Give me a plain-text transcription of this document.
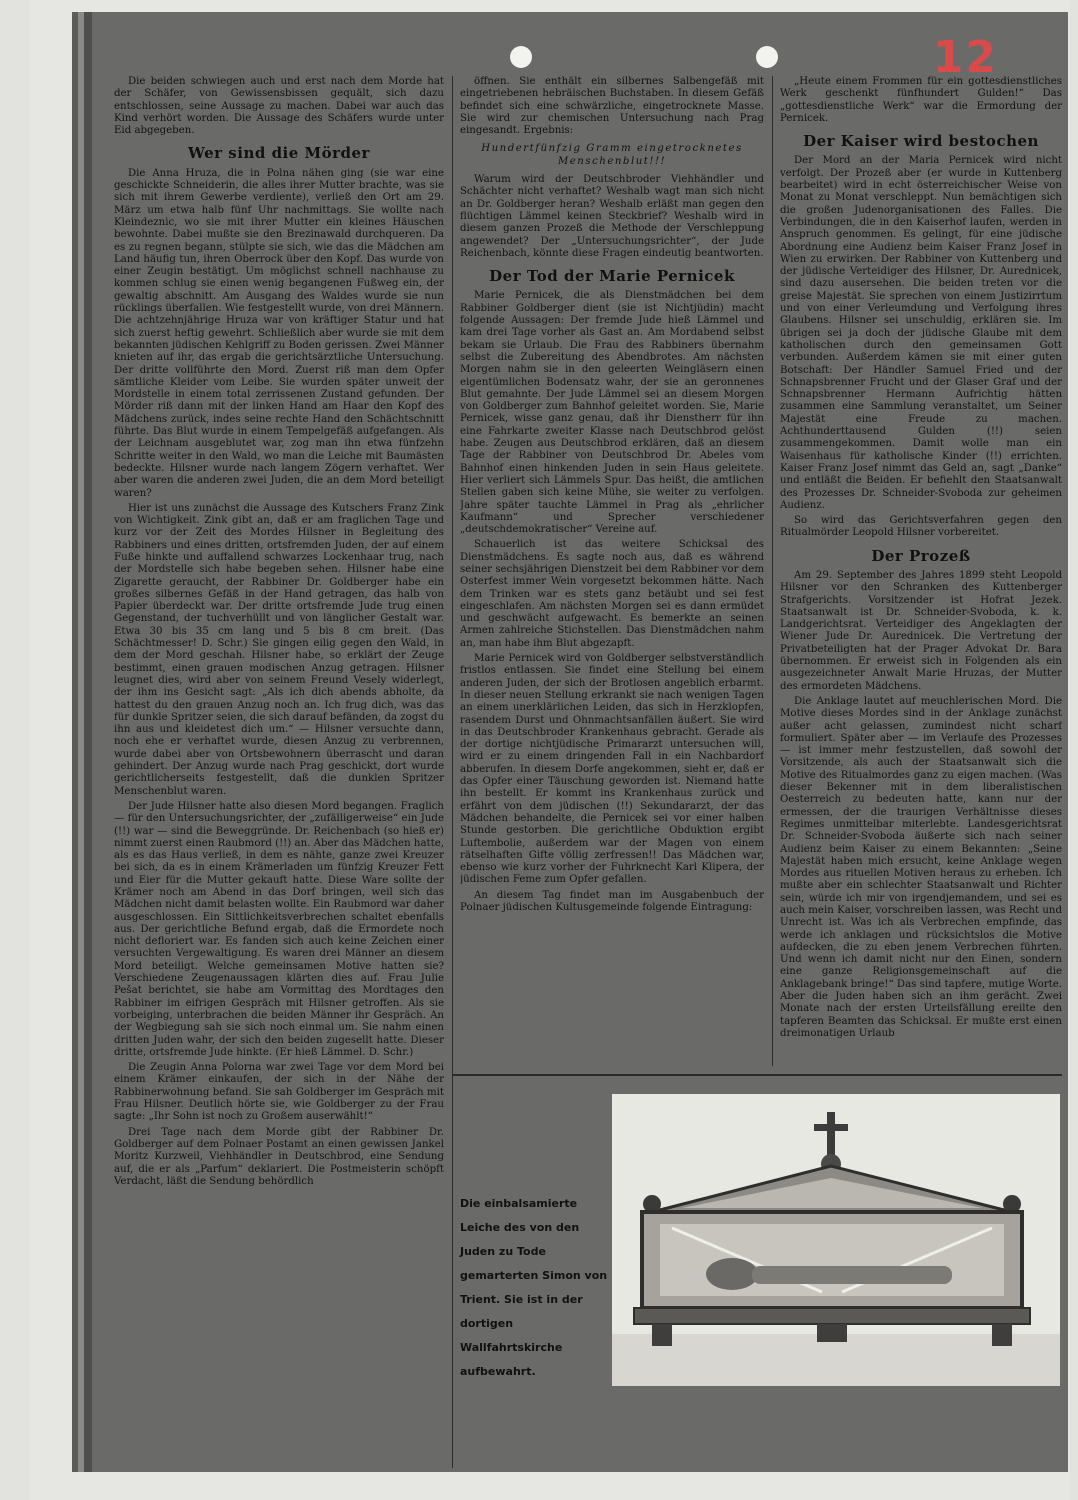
12

Die beiden schwiegen auch und erst nach dem Morde hat der Schäfer, von Gewissensbissen gequält, sich dazu entschlossen, seine Aussage zu machen. Dabei war auch das Kind verhört worden. Die Aussage des Schäfers wurde unter Eid abgegeben.

Wer sind die Mörder

Die Anna Hruza, die in Polna nähen ging (sie war eine geschickte Schneiderin, die alles ihrer Mutter brachte, was sie sich mit ihrem Gewerbe verdiente), verließ den Ort am 29. März um etwa halb fünf Uhr nachmittags. Sie wollte nach Kleindeznic, wo sie mit ihrer Mutter ein kleines Häuschen bewohnte. Dabei mußte sie den Brezinawald durchqueren. Da es zu regnen begann, stülpte sie sich, wie das die Mädchen am Land häufig tun, ihren Oberrock über den Kopf. Das wurde von einer Zeugin bestätigt. Um möglichst schnell nachhause zu kommen schlug sie einen wenig begangenen Fußweg ein, der gewaltig abschnitt. Am Ausgang des Waldes wurde sie nun rücklings überfallen. Wie festgestellt wurde, von drei Männern. Die achtzehnjährige Hruza war von kräftiger Statur und hat sich zuerst heftig gewehrt. Schließlich aber wurde sie mit dem bekannten jüdischen Kehlgriff zu Boden gerissen. Zwei Männer knieten auf ihr, das ergab die gerichtsärztliche Untersuchung. Der dritte vollführte den Mord. Zuerst riß man dem Opfer sämtliche Kleider vom Leibe. Sie wurden später unweit der Mordstelle in einem total zerrissenen Zustand gefunden. Der Mörder riß dann mit der linken Hand am Haar den Kopf des Mädchens zurück, indes seine rechte Hand den Schächtschnitt führte. Das Blut wurde in einem Tempelgefäß aufgefangen. Als der Leichnam ausgeblutet war, zog man ihn etwa fünfzehn Schritte weiter in den Wald, wo man die Leiche mit Baumästen bedeckte. Hilsner wurde nach langem Zögern verhaftet. Wer aber waren die anderen zwei Juden, die an dem Mord beteiligt waren?

Hier ist uns zunächst die Aussage des Kutschers Franz Zink von Wichtigkeit. Zink gibt an, daß er am fraglichen Tage und kurz vor der Zeit des Mordes Hilsner in Begleitung des Rabbiners und eines dritten, ortsfremden Juden, der auf einem Fuße hinkte und auffallend schwarzes Lockenhaar trug, nach der Mordstelle sich habe begeben sehen. Hilsner habe eine Zigarette geraucht, der Rabbiner Dr. Goldberger habe ein großes silbernes Gefäß in der Hand getragen, das halb von Papier überdeckt war. Der dritte ortsfremde Jude trug einen Gegenstand, der tuchverhüllt und von länglicher Gestalt war. Etwa 30 bis 35 cm lang und 5 bis 8 cm breit. (Das Schächtmesser! D. Schr.) Sie gingen eilig gegen den Wald, in dem der Mord geschah. Hilsner habe, so erklärt der Zeuge bestimmt, einen grauen modischen Anzug getragen. Hilsner leugnet dies, wird aber von seinem Freund Vesely widerlegt, der ihm ins Gesicht sagt: „Als ich dich abends abholte, da hattest du den grauen Anzug noch an. Ich frug dich, was das für dunkle Spritzer seien, die sich darauf befänden, da zogst du ihn aus und kleidetest dich um.“ — Hilsner versuchte dann, noch ehe er verhaftet wurde, diesen Anzug zu verbrennen, wurde dabei aber von Ortsbewohnern überrascht und daran gehindert. Der Anzug wurde nach Prag geschickt, dort wurde gerichtlicherseits festgestellt, daß die dunklen Spritzer Menschenblut waren.

Der Jude Hilsner hatte also diesen Mord begangen. Fraglich — für den Untersuchungsrichter, der „zufälligerweise“ ein Jude (!!) war — sind die Beweggründe. Dr. Reichenbach (so hieß er) nimmt zuerst einen Raubmord (!!) an. Aber das Mädchen hatte, als es das Haus verließ, in dem es nähte, ganze zwei Kreuzer bei sich, da es in einem Krämerladen um fünfzig Kreuzer Fett und Eier für die Mutter gekauft hatte. Diese Ware sollte der Krämer noch am Abend in das Dorf bringen, weil sich das Mädchen nicht damit belasten wollte. Ein Raubmord war daher ausgeschlossen. Ein Sittlichkeitsverbrechen schaltet ebenfalls aus. Der gerichtliche Befund ergab, daß die Ermordete noch nicht defloriert war. Es fanden sich auch keine Zeichen einer versuchten Vergewaltigung. Es waren drei Männer an diesem Mord beteiligt. Welche gemeinsamen Motive hatten sie? Verschiedene Zeugenaussagen klärten dies auf. Frau Julie Pešat berichtet, sie habe am Vormittag des Mordtages den Rabbiner im eifrigen Gespräch mit Hilsner getroffen. Als sie vorbeiging, unterbrachen die beiden Männer ihr Gespräch. An der Wegbiegung sah sie sich noch einmal um. Sie nahm einen dritten Juden wahr, der sich den beiden zugesellt hatte. Dieser dritte, ortsfremde Jude hinkte. (Er hieß Lämmel. D. Schr.)

Die Zeugin Anna Polorna war zwei Tage vor dem Mord bei einem Krämer einkaufen, der sich in der Nähe der Rabbinerwohnung befand. Sie sah Goldberger im Gespräch mit Frau Hilsner. Deutlich hörte sie, wie Goldberger zu der Frau sagte: „Ihr Sohn ist noch zu Großem auserwählt!“

Drei Tage nach dem Morde gibt der Rabbiner Dr. Goldberger auf dem Polnaer Postamt an einen gewissen Jankel Moritz Kurzweil, Viehhändler in Deutschbrod, eine Sendung auf, die er als „Parfum“ deklariert. Die Postmeisterin schöpft Verdacht, läßt die Sendung behördlich

öffnen. Sie enthält ein silbernes Salbengefäß mit eingetriebenen hebräischen Buchstaben. In diesem Gefäß befindet sich eine schwärzliche, eingetrocknete Masse. Sie wird zur chemischen Untersuchung nach Prag eingesandt. Ergebnis:

Hundertfünfzig Gramm eingetrocknetes Menschenblut!!!

Warum wird der Deutschbroder Viehhändler und Schächter nicht verhaftet? Weshalb wagt man sich nicht an Dr. Goldberger heran? Weshalb erläßt man gegen den flüchtigen Lämmel keinen Steckbrief? Weshalb wird in diesem ganzen Prozeß die Methode der Verschleppung angewendet? Der „Untersuchungsrichter“, der Jude Reichenbach, könnte diese Fragen eindeutig beantworten.

Der Tod der Marie Pernicek

Marie Pernicek, die als Dienstmädchen bei dem Rabbiner Goldberger dient (sie ist Nichtjüdin) macht folgende Aussagen: Der fremde Jude hieß Lämmel und kam drei Tage vorher als Gast an. Am Mordabend selbst bekam sie Urlaub. Die Frau des Rabbiners übernahm selbst die Zubereitung des Abendbrotes. Am nächsten Morgen nahm sie in den geleerten Weingläsern einen eigentümlichen Bodensatz wahr, der sie an geronnenes Blut gemahnte. Der Jude Lämmel sei an diesem Morgen von Goldberger zum Bahnhof geleitet worden. Sie, Marie Pernicek, wisse ganz genau, daß ihr Dienstherr für ihn eine Fahrkarte zweiter Klasse nach Deutschbrod gelöst habe. Zeugen aus Deutschbrod erklären, daß an diesem Tage der Rabbiner von Deutschbrod Dr. Abeles vom Bahnhof einen hinkenden Juden in sein Haus geleitete. Hier verliert sich Lämmels Spur. Das heißt, die amtlichen Stellen gaben sich keine Mühe, sie weiter zu verfolgen. Jahre später tauchte Lämmel in Prag als „ehrlicher Kaufmann“ und Sprecher verschiedener „deutschdemokratischer“ Vereine auf.

Schauerlich ist das weitere Schicksal des Dienstmädchens. Es sagte noch aus, daß es während seiner sechsjährigen Dienstzeit bei dem Rabbiner vor dem Osterfest immer Wein vorgesetzt bekommen hätte. Nach dem Trinken war es stets ganz betäubt und sei fest eingeschlafen. Am nächsten Morgen sei es dann ermüdet und geschwächt aufgewacht. Es bemerkte an seinen Armen zahlreiche Stichstellen. Das Dienstmädchen nahm an, man habe ihm Blut abgezapft.

Marie Pernicek wird von Goldberger selbstverständlich fristlos entlassen. Sie findet eine Stellung bei einem anderen Juden, der sich der Brotlosen angeblich erbarmt. In dieser neuen Stellung erkrankt sie nach wenigen Tagen an einem unerklärlichen Leiden, das sich in Herzklopfen, rasendem Durst und Ohnmachtsanfällen äußert. Sie wird in das Deutschbroder Krankenhaus gebracht. Gerade als der dortige nichtjüdische Primararzt untersuchen will, wird er zu einem dringenden Fall in ein Nachbardorf abberufen. In diesem Dorfe angekommen, sieht er, daß er das Opfer einer Täuschung geworden ist. Niemand hatte ihn bestellt. Er kommt ins Krankenhaus zurück und erfährt von dem jüdischen (!!) Sekundararzt, der das Mädchen behandelte, die Pernicek sei vor einer halben Stunde gestorben. Die gerichtliche Obduktion ergibt Luftembolie, außerdem war der Magen von einem rätselhaften Gifte völlig zerfressen!! Das Mädchen war, ebenso wie kurz vorher der Fuhrknecht Karl Klipera, der jüdischen Feme zum Opfer gefallen.

An diesem Tag findet man im Ausgabenbuch der Polnaer jüdischen Kultusgemeinde folgende Eintragung:

„Heute einem Frommen für ein gottesdienstliches Werk geschenkt fünfhundert Gulden!“ Das „gottesdienstliche Werk“ war die Ermordung der Pernicek.

Der Kaiser wird bestochen

Der Mord an der Maria Pernicek wird nicht verfolgt. Der Prozeß aber (er wurde in Kuttenberg bearbeitet) wird in echt österreichischer Weise von Monat zu Monat verschleppt. Nun bemächtigen sich die großen Judenorganisationen des Falles. Die Verbindungen, die in den Kaiserhof laufen, werden in Anspruch genommen. Es gelingt, für eine jüdische Abordnung eine Audienz beim Kaiser Franz Josef in Wien zu erwirken. Der Rabbiner von Kuttenberg und der jüdische Verteidiger des Hilsner, Dr. Aurednicek, sind dazu ausersehen. Die beiden treten vor die greise Majestät. Sie sprechen von einem Justizirrtum und von einer Verleumdung und Verfolgung ihres Glaubens. Hilsner sei unschuldig, erklären sie. Im übrigen sei ja doch der jüdische Glaube mit dem katholischen durch den gemeinsamen Gott verbunden. Außerdem kämen sie mit einer guten Botschaft: Der Händler Samuel Fried und der Schnapsbrenner Frucht und der Glaser Graf und der Schnapsbrenner Hermann Aufrichtig hätten zusammen eine Sammlung veranstaltet, um Seiner Majestät eine Freude zu machen. Achthunderttausend Gulden (!!) seien zusammengekommen. Damit wolle man ein Waisenhaus für katholische Kinder (!!) errichten. Kaiser Franz Josef nimmt das Geld an, sagt „Danke“ und entläßt die Beiden. Er befiehlt den Staatsanwalt des Prozesses Dr. Schneider-Svoboda zur geheimen Audienz.

So wird das Gerichtsverfahren gegen den Ritualmörder Leopold Hilsner vorbereitet.

Der Prozeß

Am 29. September des Jahres 1899 steht Leopold Hilsner vor den Schranken des Kuttenberger Strafgerichts. Vorsitzender ist Hofrat Jezek. Staatsanwalt ist Dr. Schneider-Svoboda, k. k. Landgerichtsrat. Verteidiger des Angeklagten der Wiener Jude Dr. Aurednicek. Die Vertretung der Privatbeteiligten hat der Prager Advokat Dr. Bara übernommen. Er erweist sich in Folgenden als ein ausgezeichneter Anwalt Marie Hruzas, der Mutter des ermordeten Mädchens.

Die Anklage lautet auf meuchlerischen Mord. Die Motive dieses Mordes sind in der Anklage zunächst außer acht gelassen, zumindest nicht scharf formuliert. Später aber — im Verlaufe des Prozesses — ist immer mehr festzustellen, daß sowohl der Vorsitzende, als auch der Staatsanwalt sich die Motive des Ritualmordes ganz zu eigen machen. (Was dieser Bekenner mit in dem liberalistischen Oesterreich zu bedeuten hatte, kann nur der ermessen, der die traurigen Verhältnisse dieses Regimes unmittelbar miterlebte. Landesgerichtsrat Dr. Schneider-Svoboda äußerte sich nach seiner Audienz beim Kaiser zu einem Bekannten: „Seine Majestät haben mich ersucht, keine Anklage wegen Mordes aus rituellen Motiven heraus zu erheben. Ich mußte aber ein schlechter Staatsanwalt und Richter sein, würde ich mir von irgendjemandem, und sei es auch mein Kaiser, vorschreiben lassen, was Recht und Unrecht ist. Was ich als Verbrechen empfinde, das werde ich anklagen und rücksichtslos die Motive aufdecken, die zu eben jenem Verbrechen führten. Und wenn ich damit nicht nur den Einen, sondern eine ganze Religionsgemeinschaft auf die Anklagebank bringe!“ Das sind tapfere, mutige Worte. Aber die Juden haben sich an ihm gerächt. Zwei Monate nach der ersten Urteilsfällung ereilte den tapferen Beamten das Schicksal. Er mußte erst einen dreimonatigen Urlaub

Die einbalsamierte Leiche des von den Juden zu Tode gemarterten Simon von Trient. Sie ist in der dortigen Wallfahrtskirche aufbewahrt.
